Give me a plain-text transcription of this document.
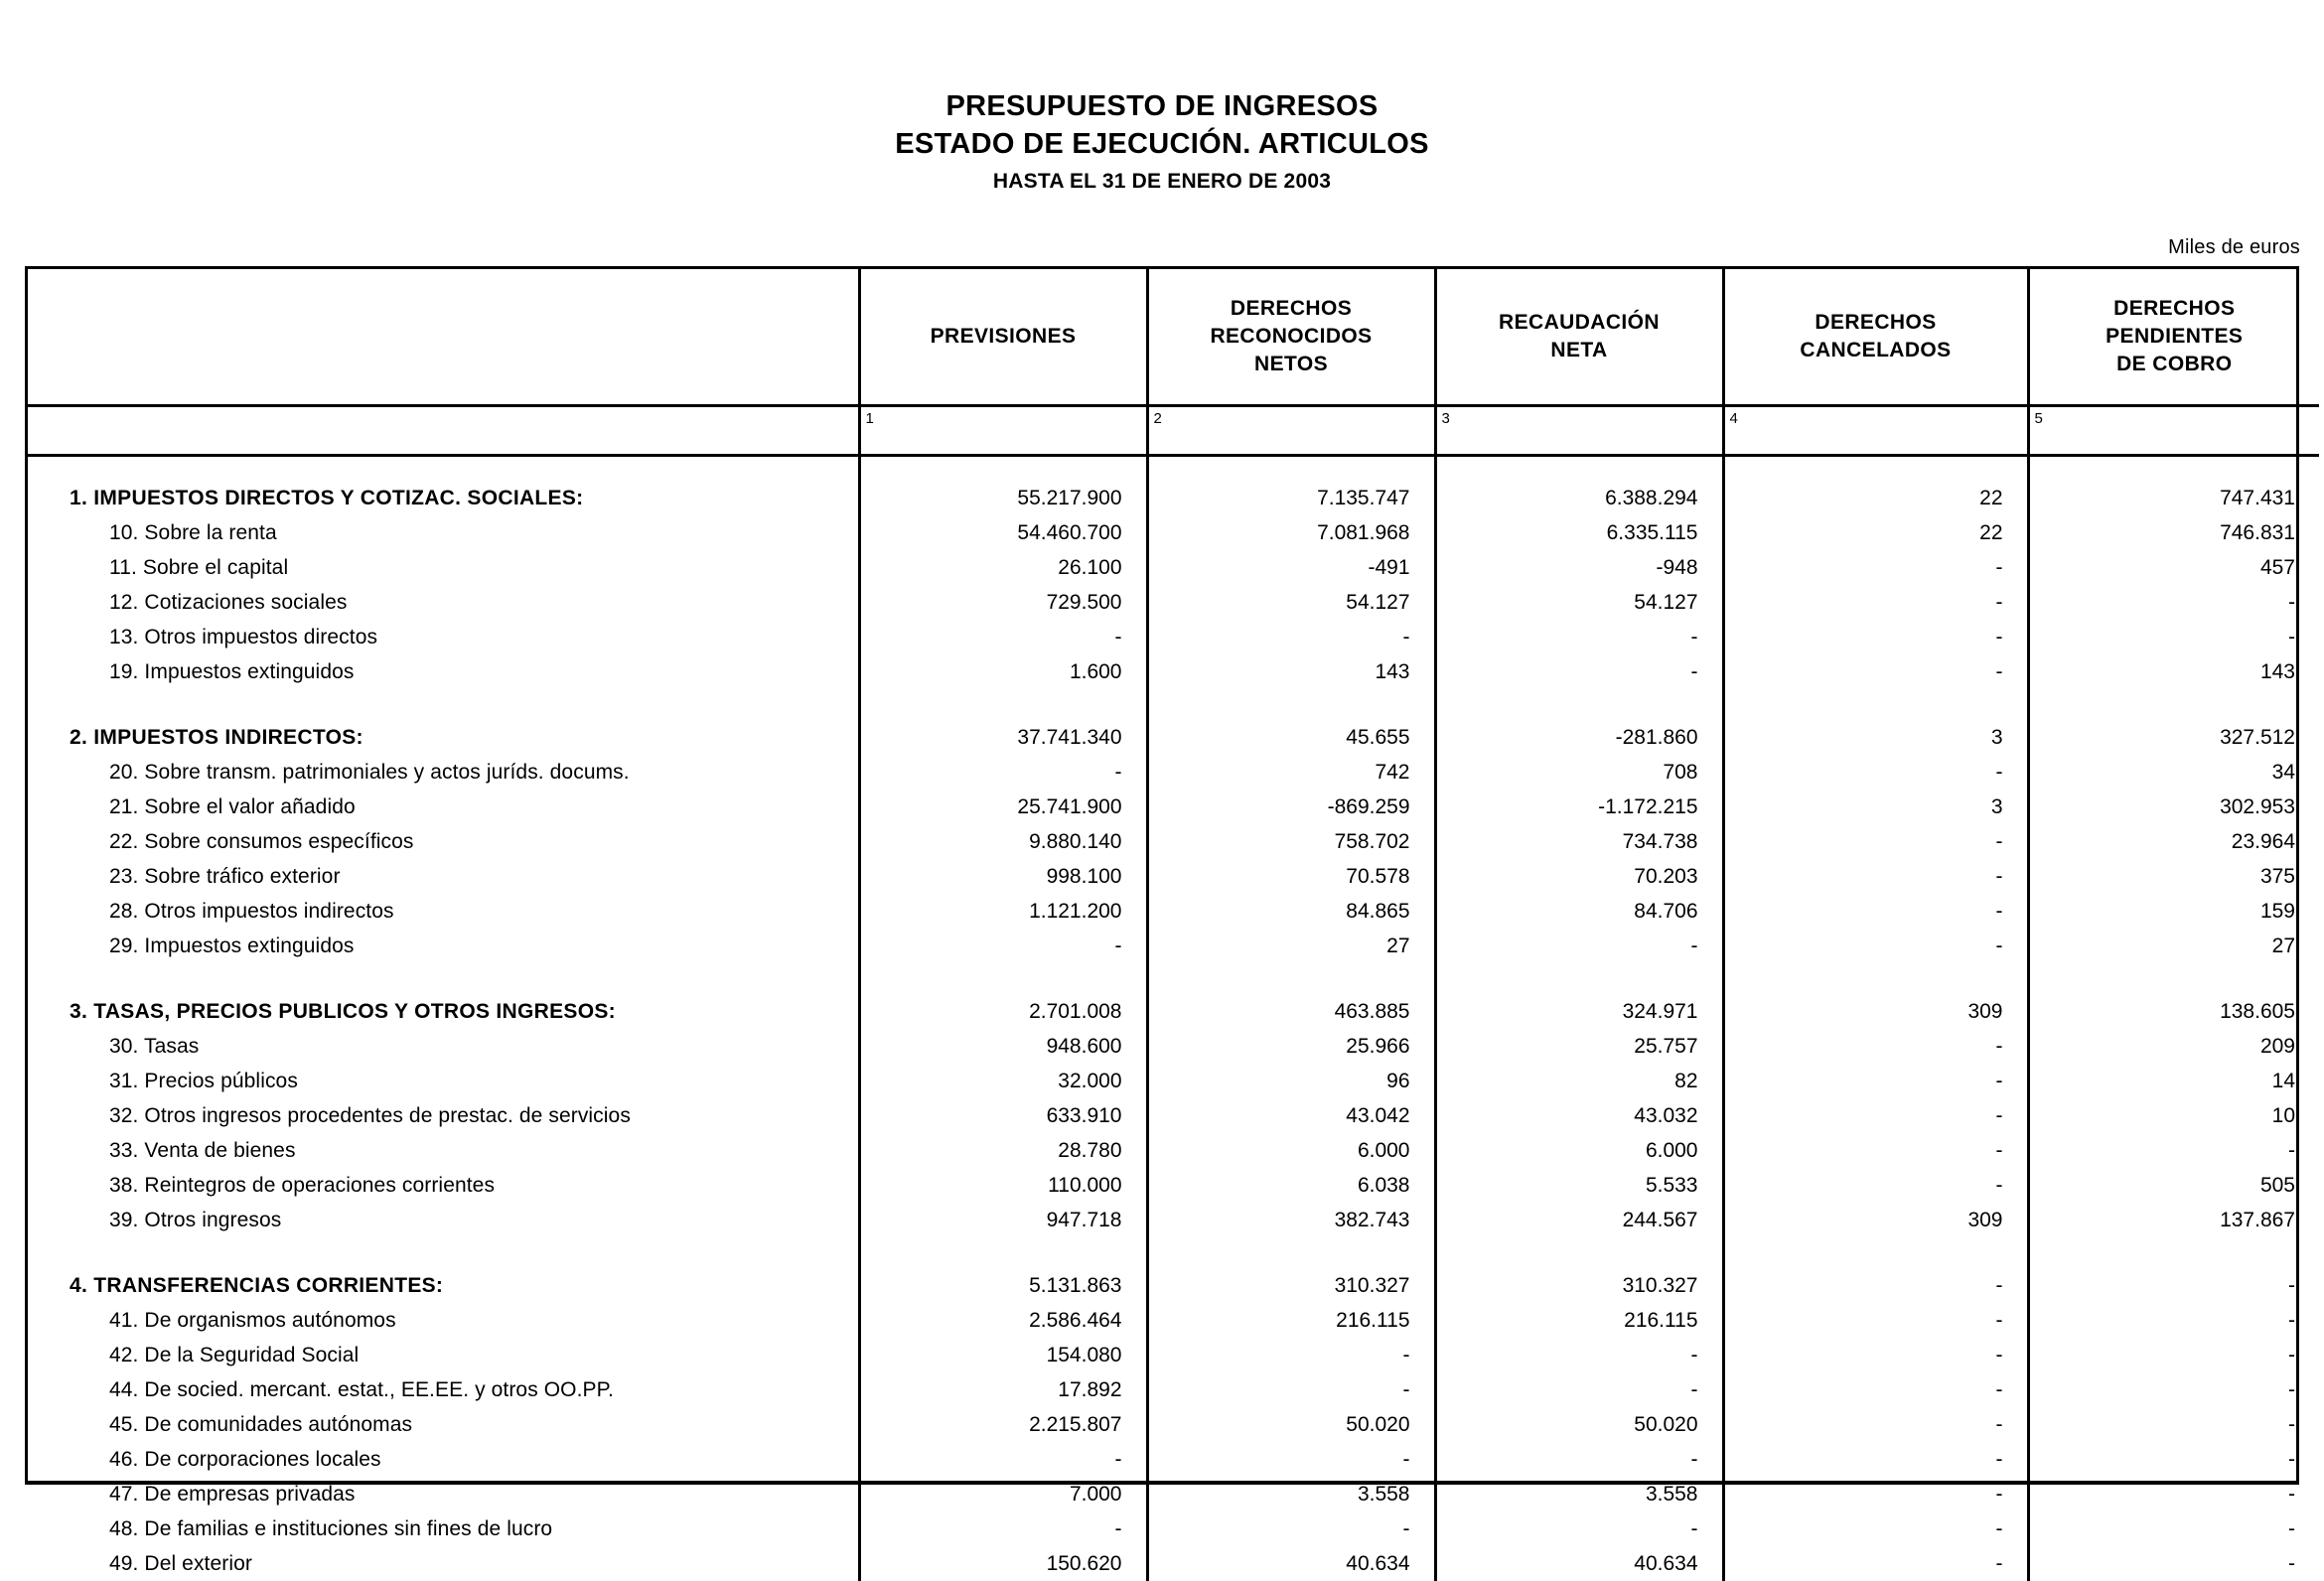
PRESUPUESTO DE INGRESOS
ESTADO DE EJECUCIÓN. ARTICULOS
HASTA EL 31 DE ENERO DE 2003
Miles de euros

PREVISIONES

DERECHOS
RECONOCIDOS
NETOS

RECAUDACIÓN
NETA

DERECHOS
CANCELADOS

DERECHOS
PENDIENTES
DE COBRO

	1	2	3	4	5

1. IMPUESTOS DIRECTOS Y COTIZAC. SOCIALES:	55.217.900	7.135.747	6.388.294	22	747.431
10. Sobre la renta	54.460.700	7.081.968	6.335.115	22	746.831
11. Sobre el capital	26.100	-491	-948	-	457
12. Cotizaciones sociales	729.500	54.127	54.127	-	-
13. Otros impuestos directos	-	-	-	-	-
19. Impuestos extinguidos	1.600	143	-	-	143

2. IMPUESTOS INDIRECTOS:	37.741.340	45.655	-281.860	3	327.512
20. Sobre transm. patrimoniales y actos juríds. docums.	-	742	708	-	34
21. Sobre el valor añadido	25.741.900	-869.259	-1.172.215	3	302.953
22. Sobre consumos específicos	9.880.140	758.702	734.738	-	23.964
23. Sobre tráfico exterior	998.100	70.578	70.203	-	375
28. Otros impuestos indirectos	1.121.200	84.865	84.706	-	159
29. Impuestos extinguidos	-	27	-	-	27

3. TASAS, PRECIOS PUBLICOS Y OTROS INGRESOS:	2.701.008	463.885	324.971	309	138.605
30. Tasas	948.600	25.966	25.757	-	209
31. Precios públicos	32.000	96	82	-	14
32. Otros ingresos procedentes de prestac. de servicios	633.910	43.042	43.032	-	10
33. Venta de bienes	28.780	6.000	6.000	-	-
38. Reintegros de operaciones corrientes	110.000	6.038	5.533	-	505
39. Otros ingresos	947.718	382.743	244.567	309	137.867

4. TRANSFERENCIAS CORRIENTES:	5.131.863	310.327	310.327	-	-
41. De organismos autónomos	2.586.464	216.115	216.115	-	-
42. De la Seguridad Social	154.080	-	-	-	-
44. De socied. mercant. estat., EE.EE. y otros OO.PP.	17.892	-	-	-	-
45. De comunidades autónomas	2.215.807	50.020	50.020	-	-
46. De corporaciones locales	-	-	-	-	-
47. De empresas privadas	7.000	3.558	3.558	-	-
48. De familias e instituciones sin fines de lucro	-	-	-	-	-
49. Del exterior	150.620	40.634	40.634	-	-
